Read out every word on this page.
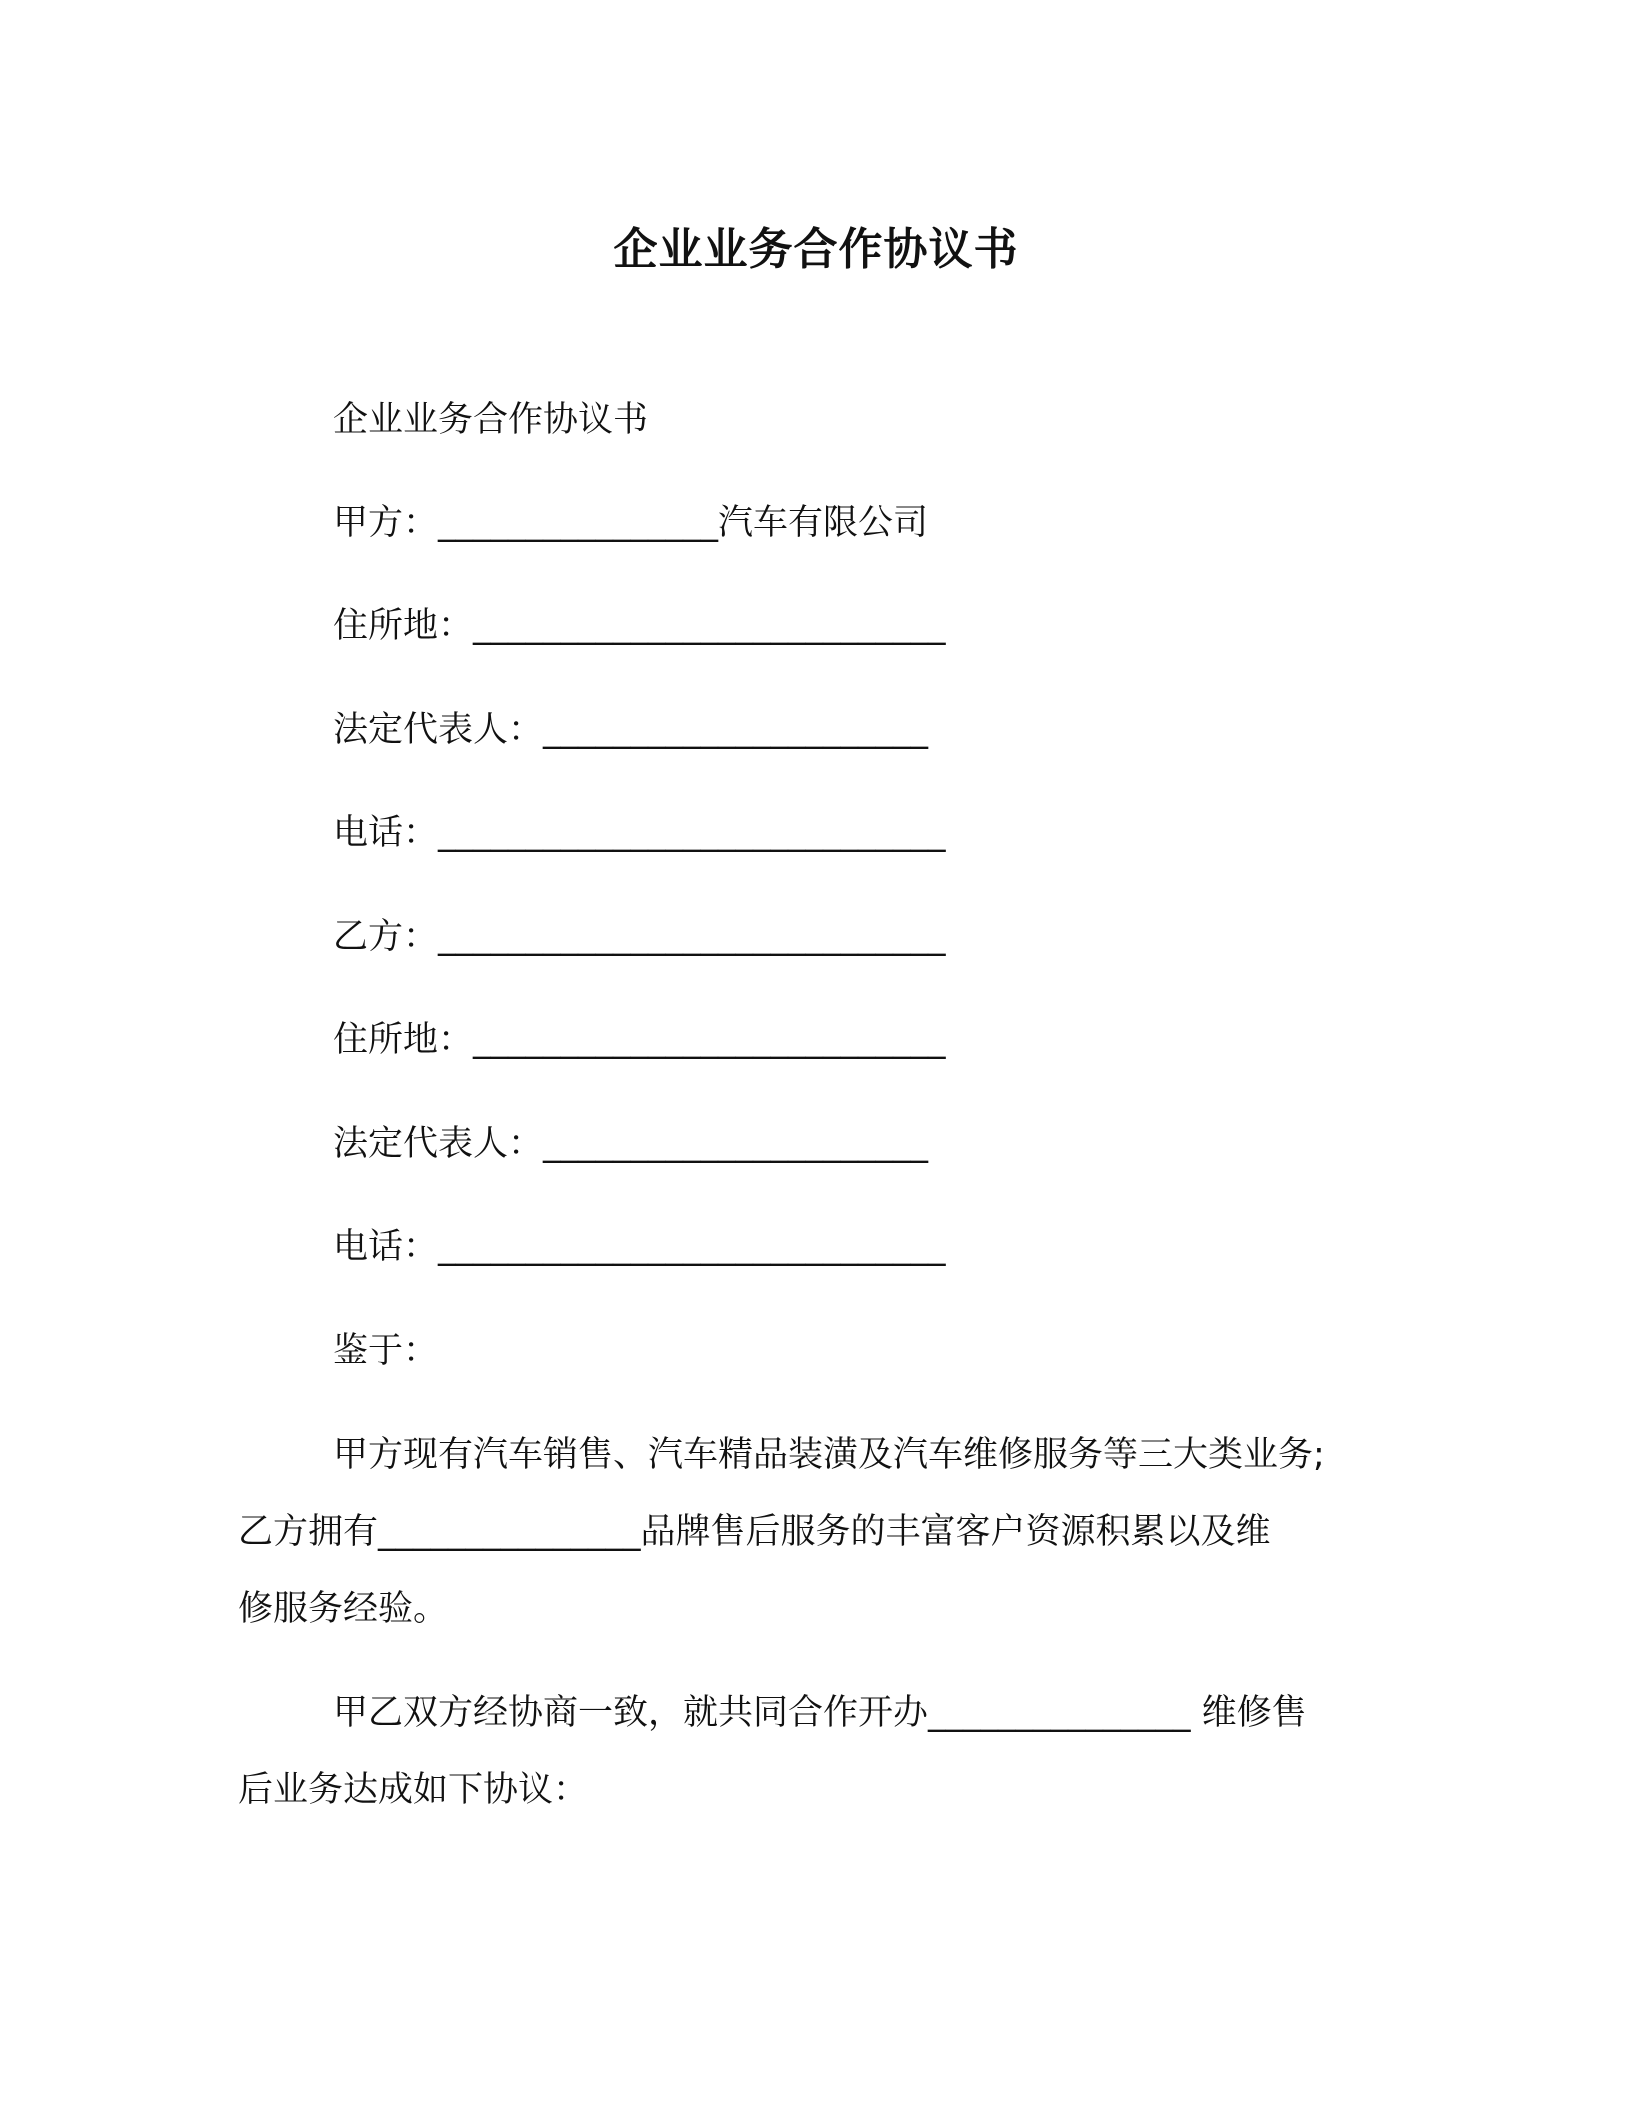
企业业务合作协议书

企业业务合作协议书

甲方：________________汽车有限公司

住所地：___________________________

法定代表人：______________________

电话：_____________________________

乙方：_____________________________

住所地：___________________________

法定代表人：______________________

电话：_____________________________

鉴于：

甲方现有汽车销售、汽车精品装潢及汽车维修服务等三大类业务;

乙方拥有_______________品牌售后服务的丰富客户资源积累以及维

修服务经验。

甲乙双方经协商一致，就共同合作开办_______________ 维修售

后业务达成如下协议：
